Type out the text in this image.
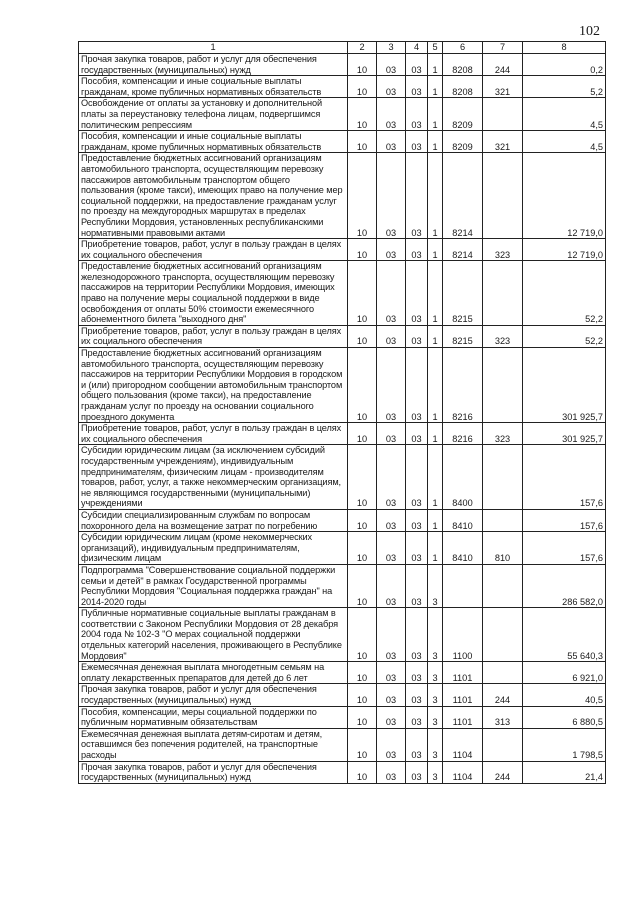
102
1	2	3	4	5	6	7	8
Прочая закупка товаров, работ и услуг для обеспечения государственных (муниципальных) нужд	10	03	03	1	8208	244	0,2
Пособия, компенсации и иные социальные выплаты гражданам, кроме публичных нормативных обязательств	10	03	03	1	8208	321	5,2
Освобождение от оплаты за установку и дополнительной платы за переустановку телефона лицам, подвергшимся политическим репрессиям	10	03	03	1	8209		4,5
Пособия, компенсации и иные социальные выплаты гражданам, кроме публичных нормативных обязательств	10	03	03	1	8209	321	4,5
Предоставление бюджетных ассигнований организациям автомобильного транспорта, осуществляющим перевозку пассажиров автомобильным транспортом общего пользования (кроме такси), имеющих право на получение мер социальной поддержки, на предоставление гражданам услуг по проезду на междугородных маршрутах в пределах Республики Мордовия, установленных республиканскими нормативными правовыми актами	10	03	03	1	8214		12 719,0
Приобретение товаров, работ, услуг в пользу граждан в целях их социального обеспечения	10	03	03	1	8214	323	12 719,0
Предоставление бюджетных ассигнований организациям железнодорожного транспорта, осуществляющим перевозку пассажиров на территории Республики Мордовия, имеющих право на получение меры социальной поддержки в виде освобождения от оплаты 50% стоимости ежемесячного абонементного билета "выходного дня"	10	03	03	1	8215		52,2
Приобретение товаров, работ, услуг в пользу граждан в целях их социального обеспечения	10	03	03	1	8215	323	52,2
Предоставление бюджетных ассигнований организациям автомобильного транспорта, осуществляющим перевозку пассажиров на территории Республики Мордовия в городском и (или) пригородном сообщении автомобильным транспортом общего пользования (кроме такси), на предоставление гражданам услуг по проезду на основании социального проездного документа	10	03	03	1	8216		301 925,7
Приобретение товаров, работ, услуг в пользу граждан в целях их социального обеспечения	10	03	03	1	8216	323	301 925,7
Субсидии юридическим лицам (за исключением субсидий государственным учреждениям), индивидуальным предпринимателям, физическим лицам - производителям товаров, работ, услуг, а также некоммерческим организациям, не являющимся государственными (муниципальными) учреждениями	10	03	03	1	8400		157,6
Субсидии специализированным службам по вопросам похоронного дела на возмещение затрат по погребению	10	03	03	1	8410		157,6
Субсидии юридическим лицам (кроме некоммерческих организаций), индивидуальным предпринимателям, физическим лицам	10	03	03	1	8410	810	157,6
Подпрограмма "Совершенствование социальной поддержки семьи и детей" в рамках Государственной программы Республики Мордовия "Социальная поддержка граждан" на 2014-2020 годы	10	03	03	3			286 582,0
Публичные нормативные социальные выплаты гражданам в соответствии с Законом Республики Мордовия от 28 декабря 2004 года № 102-З "О мерах социальной поддержки отдельных категорий населения, проживающего в Республике Мордовия"	10	03	03	3	1100		55 640,3
Ежемесячная денежная выплата многодетным семьям на оплату лекарственных препаратов для детей до 6 лет	10	03	03	3	1101		6 921,0
Прочая закупка товаров, работ и услуг для обеспечения государственных (муниципальных) нужд	10	03	03	3	1101	244	40,5
Пособия, компенсации, меры социальной поддержки по публичным нормативным обязательствам	10	03	03	3	1101	313	6 880,5
Ежемесячная денежная выплата детям-сиротам и детям, оставшимся без попечения родителей, на транспортные расходы	10	03	03	3	1104		1 798,5
Прочая закупка товаров, работ и услуг для обеспечения государственных (муниципальных) нужд	10	03	03	3	1104	244	21,4
